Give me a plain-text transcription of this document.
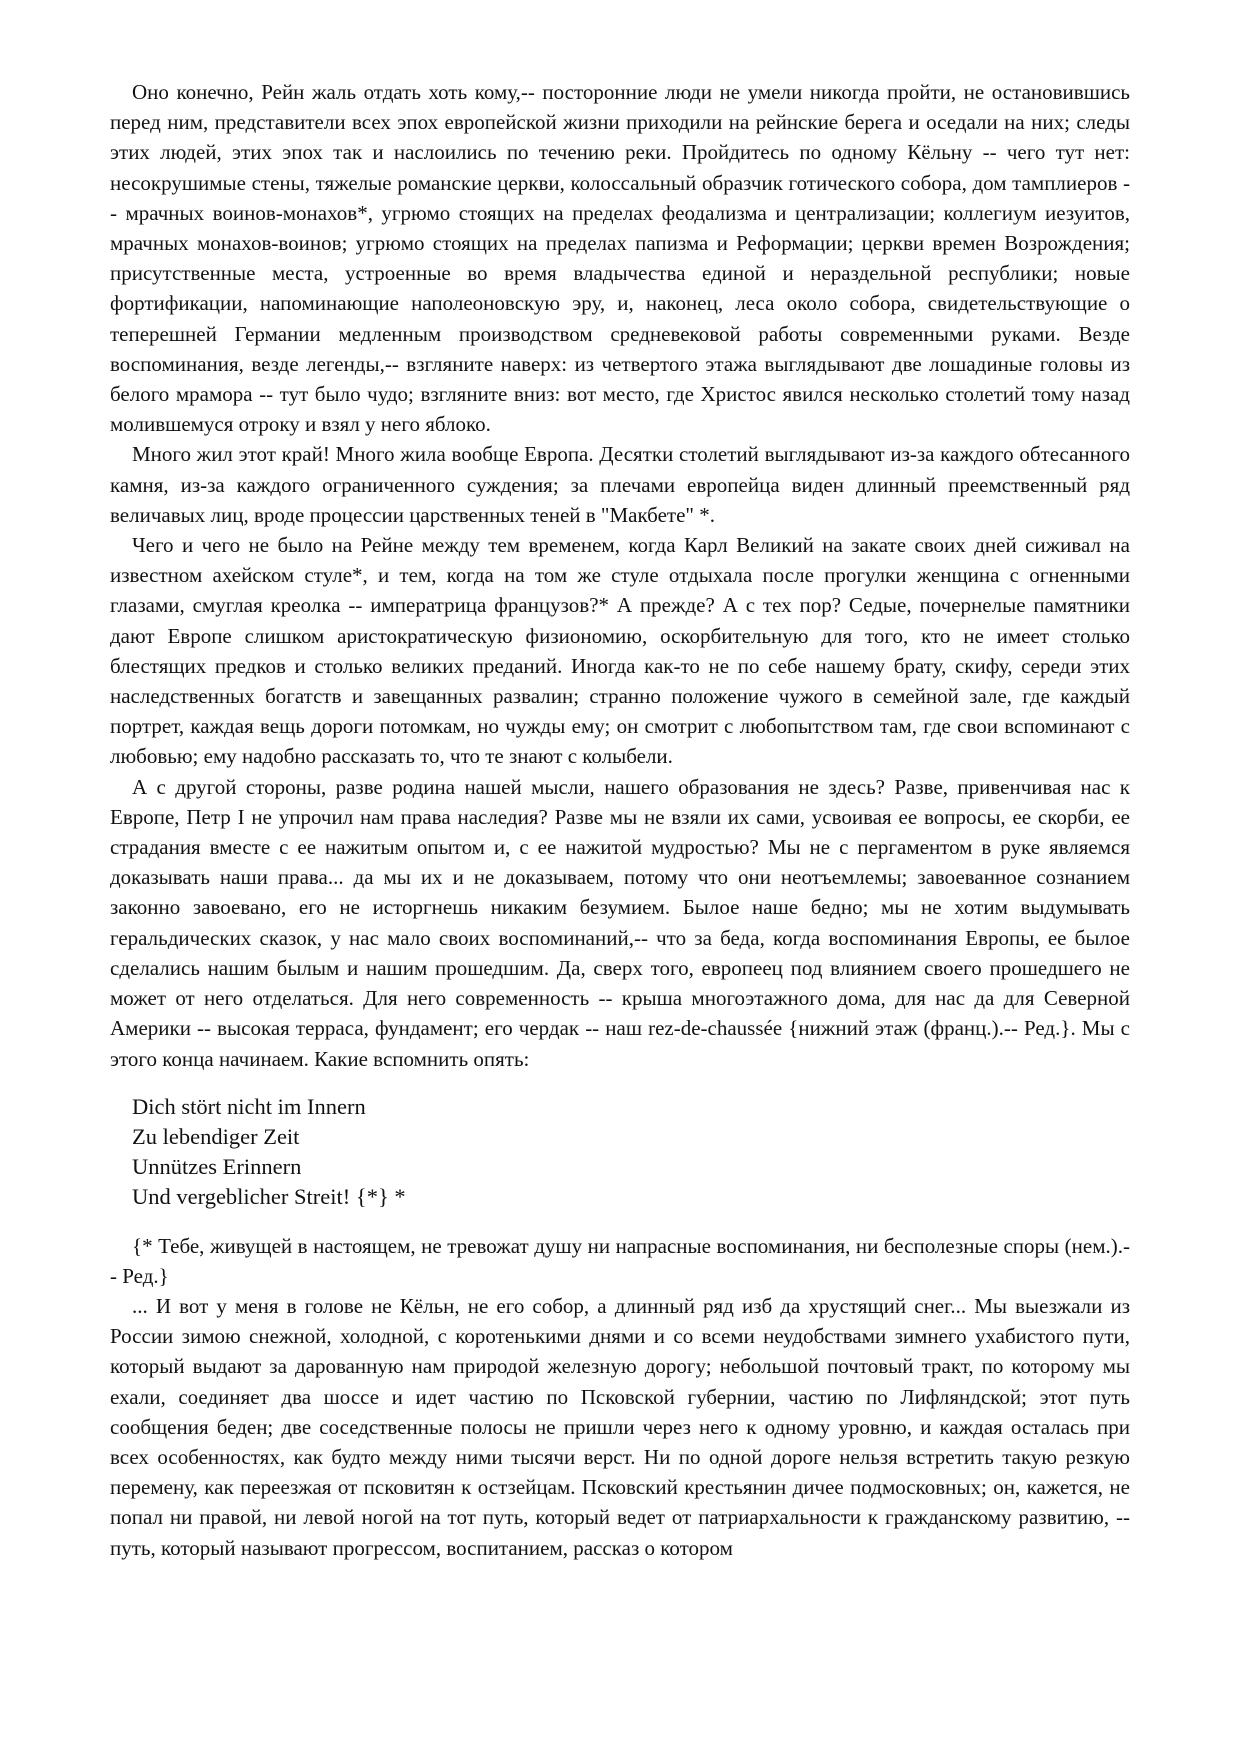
Оно конечно, Рейн жаль отдать хоть кому,-- посторонние люди не умели никогда пройти, не остановившись перед ним, представители всех эпох европейской жизни приходили на рейнские берега и оседали на них; следы этих людей, этих эпох так и наслоились по течению реки. Пройдитесь по одному Кёльну -- чего тут нет: несокрушимые стены, тяжелые романские церкви, колоссальный образчик готического собора, дом тамплиеров -- мрачных воинов-монахов*, угрюмо стоящих на пределах феодализма и централизации; коллегиум иезуитов, мрачных монахов-воинов; угрюмо стоящих на пределах папизма и Реформации; церкви времен Возрождения; присутственные места, устроенные во время владычества единой и нераздельной республики; новые фортификации, напоминающие наполеоновскую эру, и, наконец, леса около собора, свидетельствующие о теперешней Германии медленным производством средневековой работы современными руками. Везде воспоминания, везде легенды,-- взгляните наверх: из четвертого этажа выглядывают две лошадиные головы из белого мрамора -- тут было чудо; взгляните вниз: вот место, где Христос явился несколько столетий тому назад молившемуся отроку и взял у него яблоко.

Много жил этот край! Много жила вообще Европа. Десятки столетий выглядывают из-за каждого обтесанного камня, из-за каждого ограниченного суждения; за плечами европейца виден длинный преемственный ряд величавых лиц, вроде процессии царственных теней в "Макбете" *.

Чего и чего не было на Рейне между тем временем, когда Карл Великий на закате своих дней сиживал на известном ахейском стуле*, и тем, когда на том же стуле отдыхала после прогулки женщина с огненными глазами, смуглая креолка -- императрица французов?* А прежде? А с тех пор? Седые, почернелые памятники дают Европе слишком аристократическую физиономию, оскорбительную для того, кто не имеет столько блестящих предков и столько великих преданий. Иногда как-то не по себе нашему брату, скифу, середи этих наследственных богатств и завещанных развалин; странно положение чужого в семейной зале, где каждый портрет, каждая вещь дороги потомкам, но чужды ему; он смотрит с любопытством там, где свои вспоминают с любовью; ему надобно рассказать то, что те знают с колыбели.

А с другой стороны, разве родина нашей мысли, нашего образования не здесь? Разве, привенчивая нас к Европе, Петр I не упрочил нам права наследия? Разве мы не взяли их сами, усвоивая ее вопросы, ее скорби, ее страдания вместе с ее нажитым опытом и, с ее нажитой мудростью? Мы не с пергаментом в руке являемся доказывать наши права... да мы их и не доказываем, потому что они неотъемлемы; завоеванное сознанием законно завоевано, его не исторгнешь никаким безумием. Былое наше бедно; мы не хотим выдумывать геральдических сказок, у нас мало своих воспоминаний,-- что за беда, когда воспоминания Европы, ее былое сделались нашим былым и нашим прошедшим. Да, сверх того, европеец под влиянием своего прошедшего не может от него отделаться. Для него современность -- крыша многоэтажного дома, для нас да для Северной Америки -- высокая терраса, фундамент; его чердак -- наш rez-de-chaussée {нижний этаж (франц.).-- Ред.}. Мы с этого конца начинаем. Какие вспомнить опять:

Dich stört nicht im Innern
Zu lebendiger Zeit
Unnützes Erinnern
Und vergeblicher Streit! {*} *

{* Тебе, живущей в настоящем, не тревожат душу ни напрасные воспоминания, ни бесполезные споры (нем.).-- Ред.}

... И вот у меня в голове не Кёльн, не его собор, а длинный ряд изб да хрустящий снег... Мы выезжали из России зимою снежной, холодной, с коротенькими днями и со всеми неудобствами зимнего ухабистого пути, который выдают за дарованную нам природой железную дорогу; небольшой почтовый тракт, по которому мы ехали, соединяет два шоссе и идет частию по Псковской губернии, частию по Лифляндской; этот путь сообщения беден; две соседственные полосы не пришли через него к одному уровню, и каждая осталась при всех особенностях, как будто между ними тысячи верст. Ни по одной дороге нельзя встретить такую резкую перемену, как переезжая от псковитян к остзейцам. Псковский крестьянин дичее подмосковных; он, кажется, не попал ни правой, ни левой ногой на тот путь, который ведет от патриархальности к гражданскому развитию, -- путь, который называют прогрессом, воспитанием, рассказ о котором
